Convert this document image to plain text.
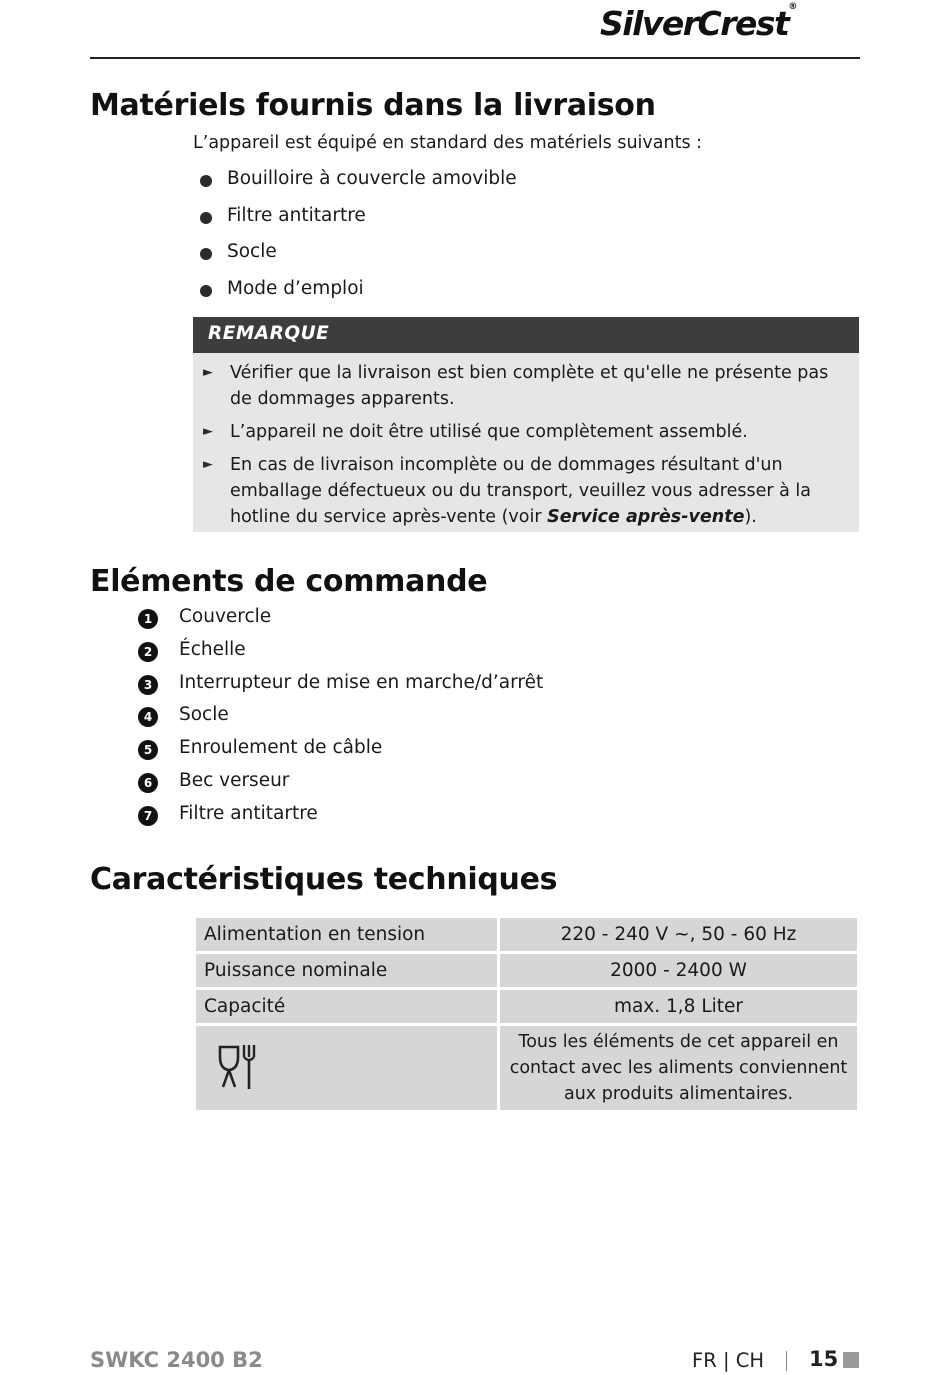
SilverCrest®
Matériels fournis dans la livraison
L’appareil est équipé en standard des matériels suivants :
Bouilloire à couvercle amovible
Filtre antitartre
Socle
Mode d’emploi
REMARQUE
► Vérifier que la livraison est bien complète et qu'elle ne présente pas de dommages apparents.
► L’appareil ne doit être utilisé que complètement assemblé.
► En cas de livraison incomplète ou de dommages résultant d'un emballage défectueux ou du transport, veuillez vous adresser à la hotline du service après-vente (voir Service après-vente).
Eléments de commande
1	Couvercle
2	Échelle
3	Interrupteur de mise en marche/d’arrêt
4	Socle
5	Enroulement de câble
6	Bec verseur
7	Filtre antitartre
Caractéristiques techniques
Alimentation en tension	220 - 240 V ~, 50 - 60 Hz
Puissance nominale	2000 - 2400 W
Capacité	max. 1,8 Liter

	Tous les éléments de cet appareil en contact avec les aliments conviennent aux produits alimentaires.
SWKC 2400 B2	FR | CH 15
